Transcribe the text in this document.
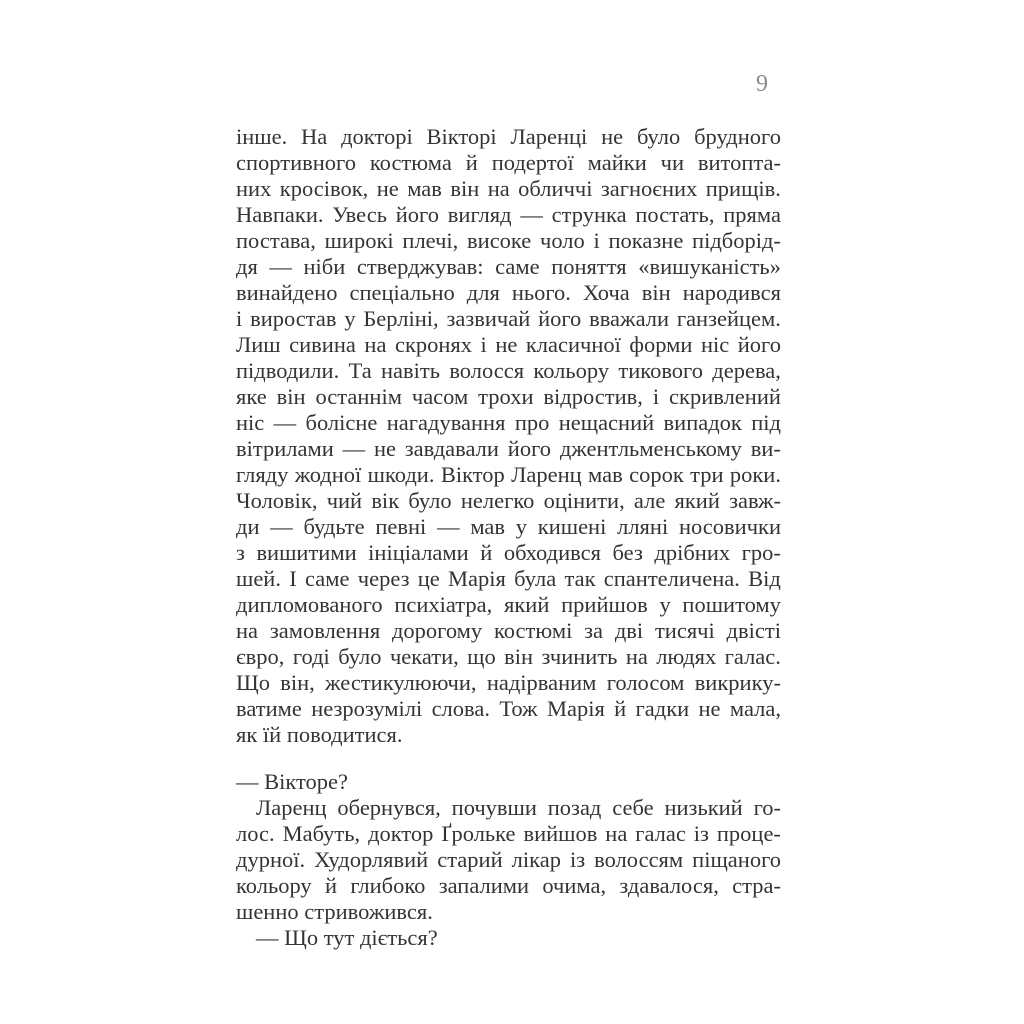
9
інше. На докторі Вікторі Ларенці не було брудного
спортивного костюма й подертої майки чи витопта-
них кросівок, не мав він на обличчі загноєних прищів.
Навпаки. Увесь його вигляд — струнка постать, пряма
постава, широкі плечі, високе чоло і показне підборід-
дя — ніби стверджував: саме поняття «вишуканість»
винайдено спеціально для нього. Хоча він народився
і виростав у Берліні, зазвичай його вважали ганзейцем.
Лиш сивина на скронях і не класичної форми ніс його
підводили. Та навіть волосся кольору тикового дерева,
яке він останнім часом трохи відростив, і скривлений
ніс — болісне нагадування про нещасний випадок під
вітрилами — не завдавали його джентльменському ви-
гляду жодної шкоди. Віктор Ларенц мав сорок три роки.
Чоловік, чий вік було нелегко оцінити, але який завж-
ди — будьте певні — мав у кишені лляні носовички
з вишитими ініціалами й обходився без дрібних гро-
шей. І саме через це Марія була так спантеличена. Від
дипломованого психіатра, який прийшов у пошитому
на замовлення дорогому костюмі за дві тисячі двісті
євро, годі було чекати, що він зчинить на людях галас.
Що він, жестикулюючи, надірваним голосом викрику-
ватиме незрозумілі слова. Тож Марія й гадки не мала,
як їй поводитися.
— Вікторе?
Ларенц обернувся, почувши позад себе низький го-
лос. Мабуть, доктор Ґрольке вийшов на галас із проце-
дурної. Худорлявий старий лікар із волоссям піщаного
кольору й глибоко запалими очима, здавалося, стра-
шенно стривожився.
— Що тут діється?
